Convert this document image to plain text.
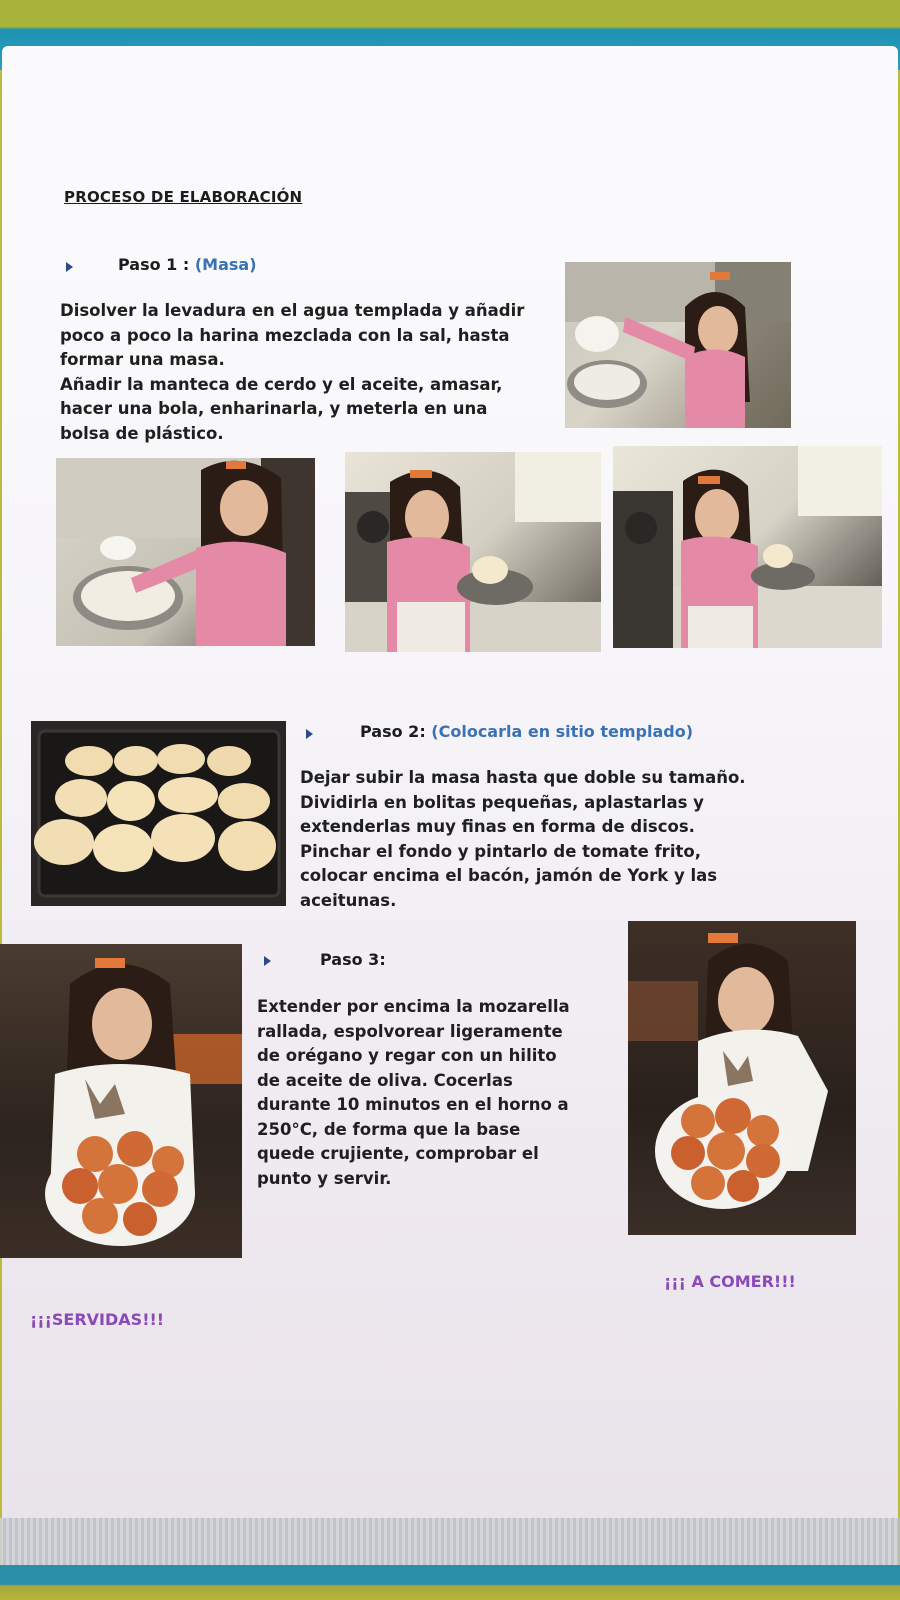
PROCESO DE ELABORACIÓN
Paso 1 : (Masa)
Disolver la levadura en el agua templada y añadir
poco a poco la harina mezclada con la sal, hasta
formar una masa.
Añadir la manteca de cerdo y el aceite, amasar,
hacer una bola, enharinarla, y meterla en una
bolsa de plástico.
Paso 2: (Colocarla en sitio templado)
Dejar subir la masa hasta que doble su tamaño.
Dividirla en bolitas pequeñas, aplastarlas y
extenderlas muy finas en forma de discos.
Pinchar el fondo y pintarlo de tomate frito,
colocar encima el bacón, jamón de York y las
aceitunas.
Paso 3:
Extender por encima la mozarella
rallada, espolvorear ligeramente
de orégano y regar con un hilito
de aceite de oliva. Cocerlas
durante 10 minutos en el horno a
250°C, de forma que la base
quede crujiente, comprobar el
punto y servir.
¡¡¡ A COMER!!!
¡¡¡SERVIDAS!!!
